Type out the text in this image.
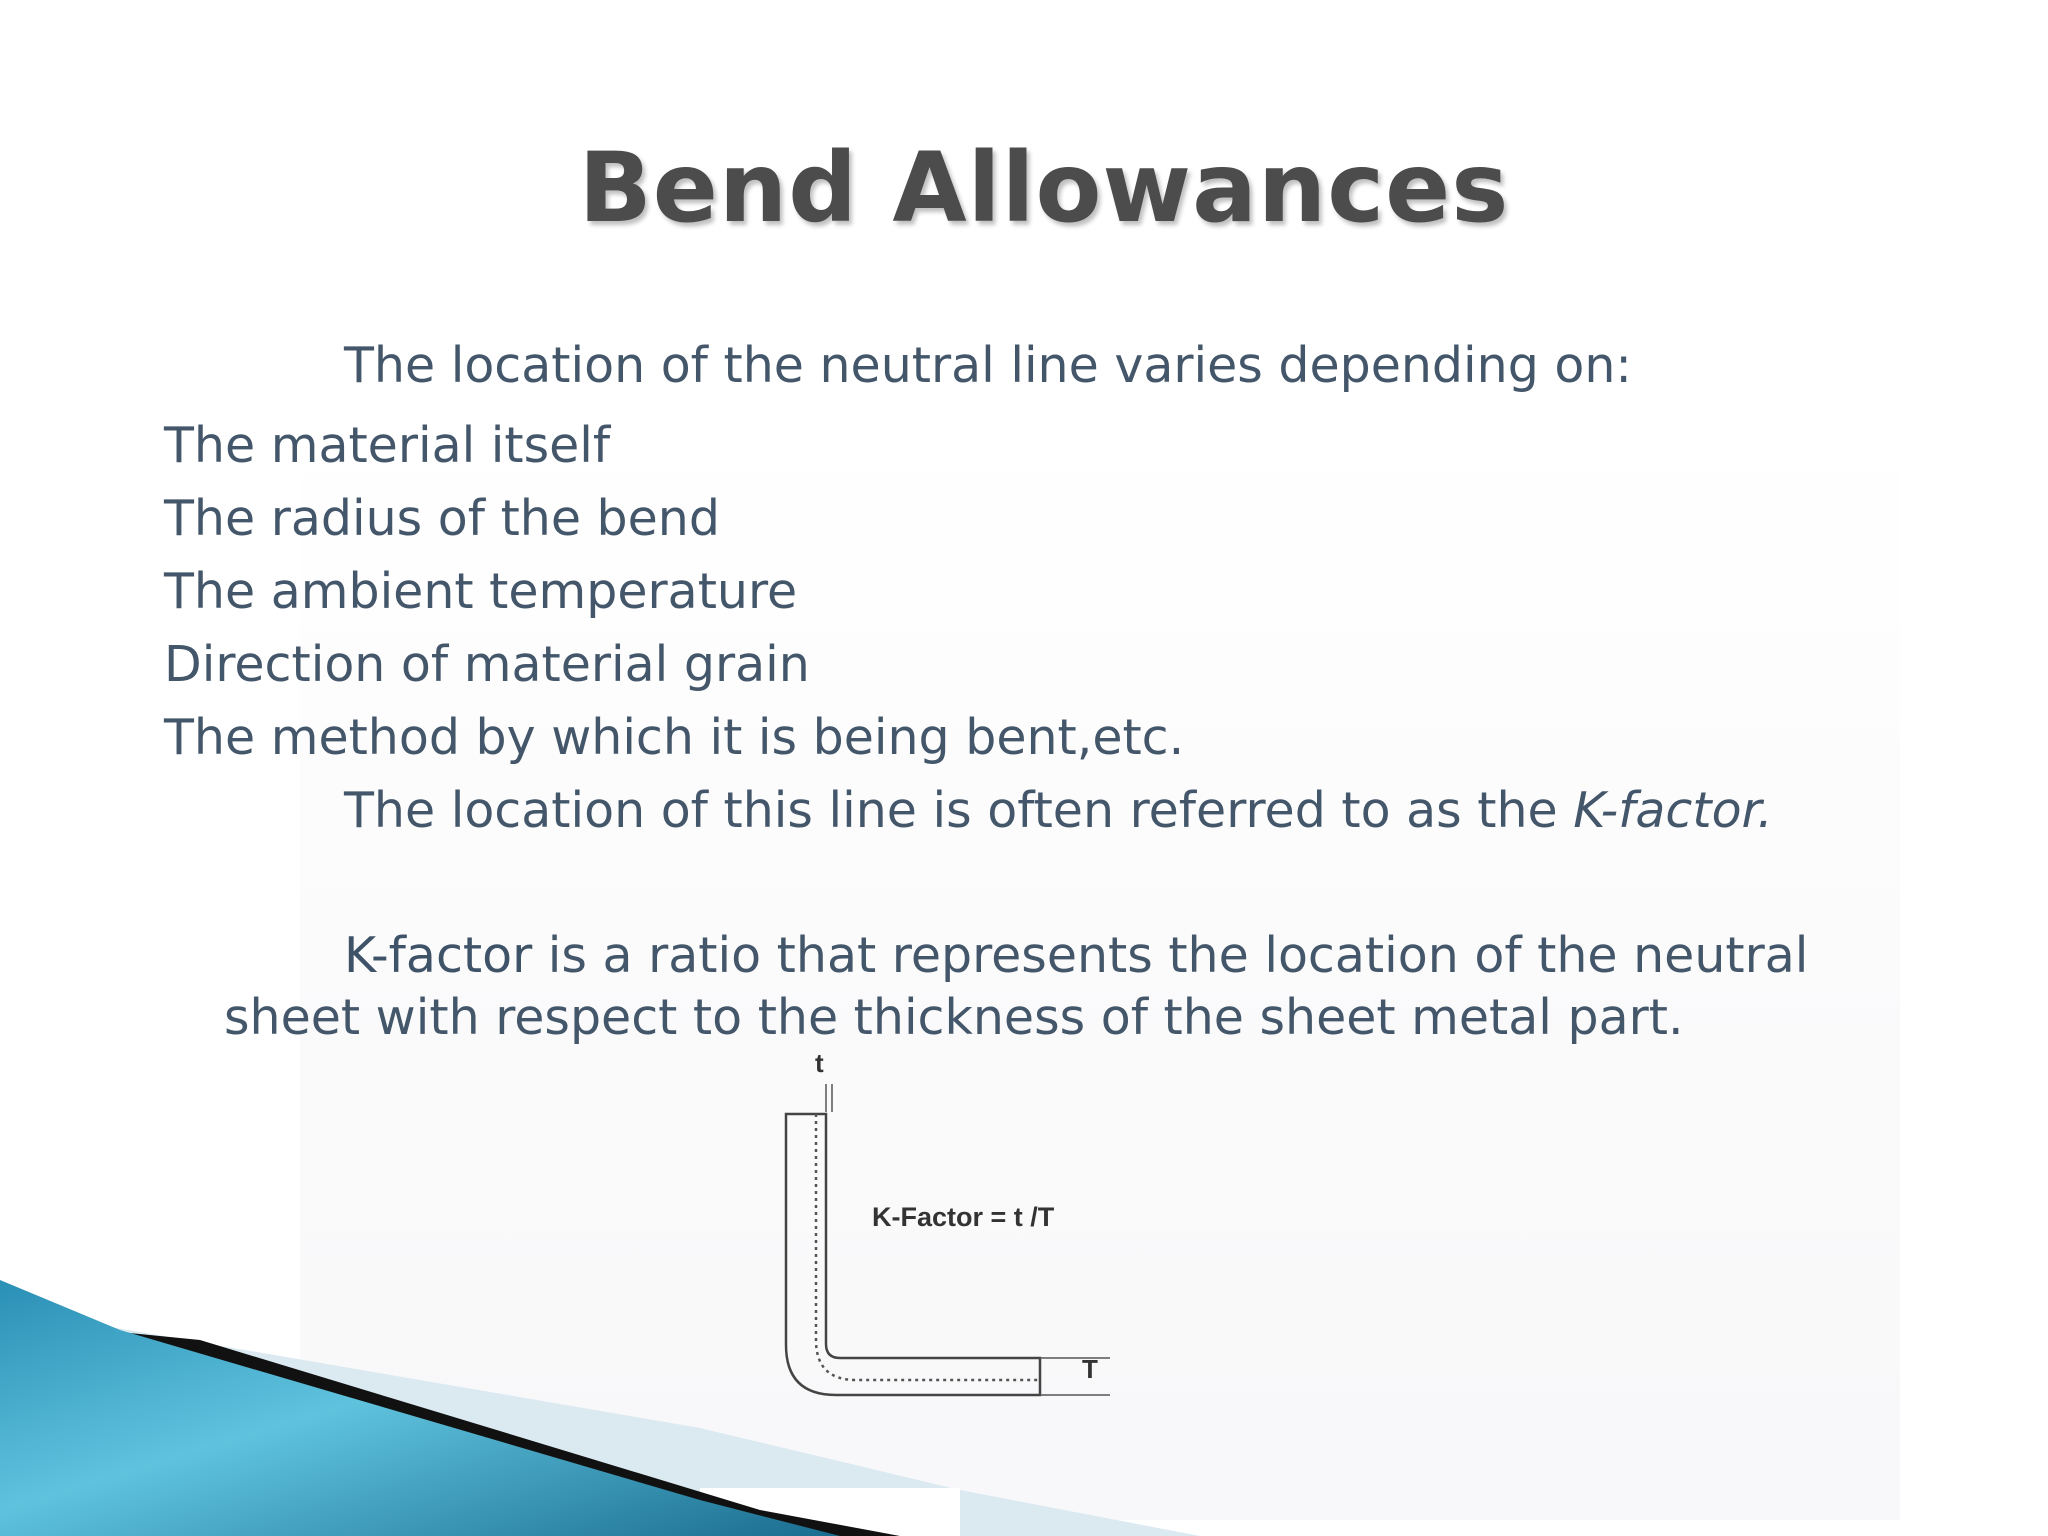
Bend Allowances
The location of the neutral line varies depending on:
The material itself
The radius of the bend
The ambient temperature
Direction of material grain
The method by which it is being bent,etc.
The location of this line is often referred to as the K-factor.
K-factor is a ratio that represents the location of the neutral
sheet with respect to the thickness of the sheet metal part.
t
T
K-Factor = t /T
